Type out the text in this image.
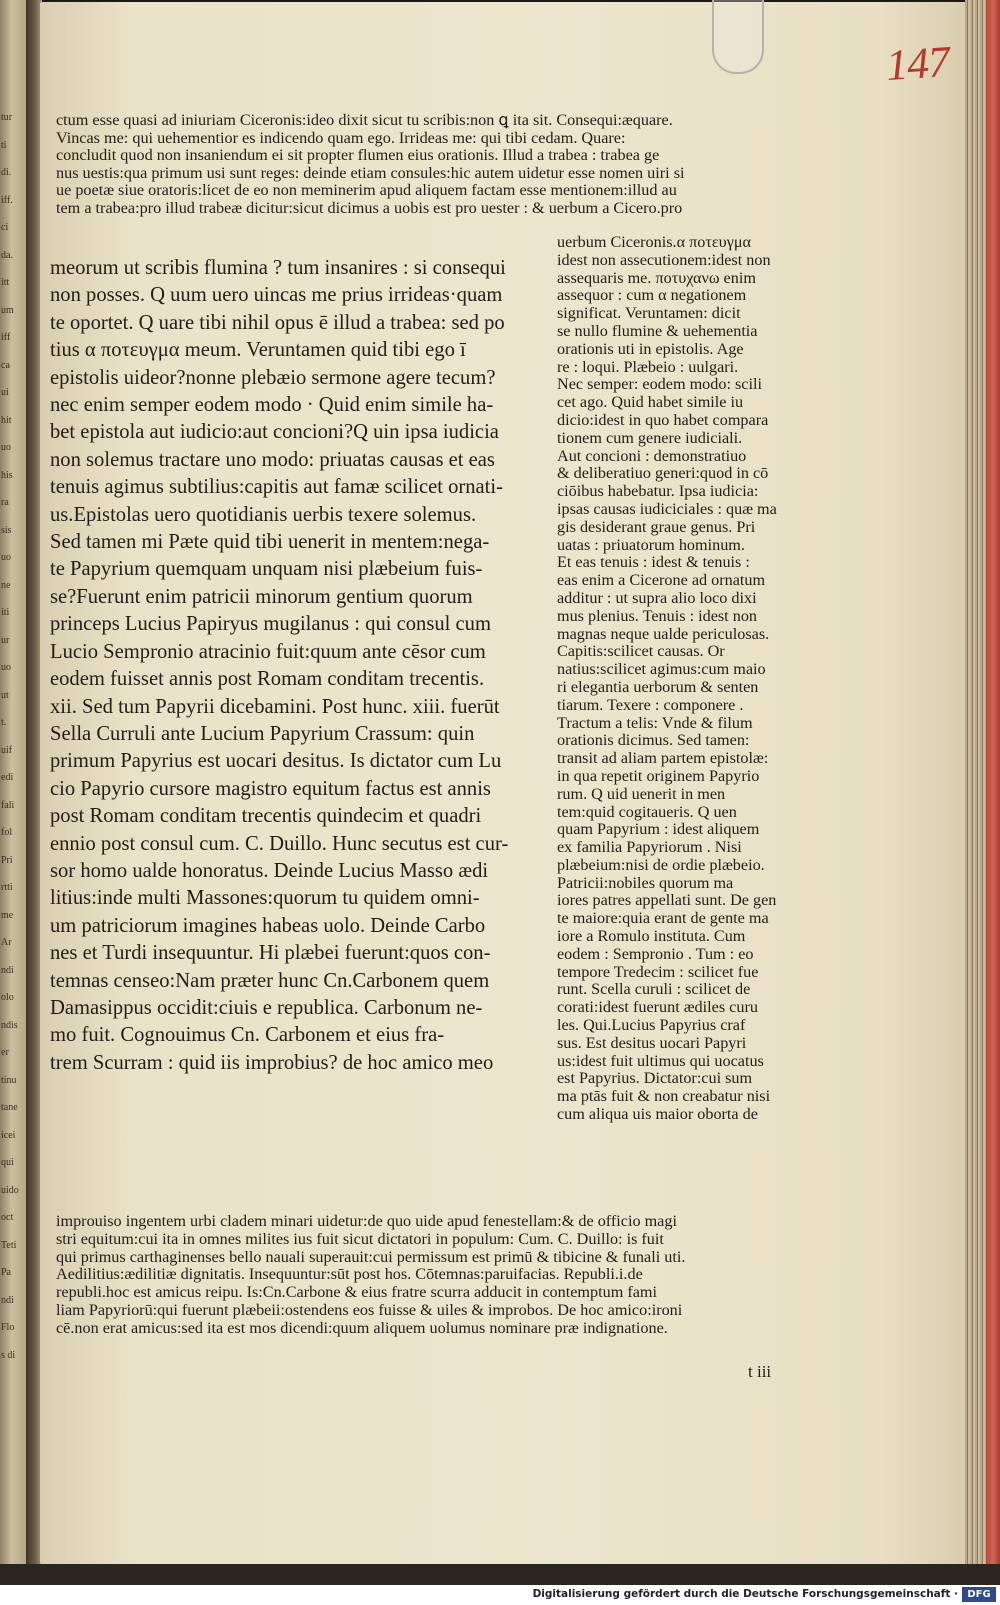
tur
ti
di.
iff.
ci
da.
itt
um
iff
ca
ui
hit
uo
his
ra
sis
uo
ne
iti
ur
uo
ut
t.
uif
edi
fali
fol
Pri
rtti
me
Ar
ndi
olo
ndis
er
tinu
tane
icei
qui
uido
oct
Teti
Pa
ndi
Flo
s di
147
ctum esse quasi ad iniuriam Ciceronis:ideo dixit sicut tu scribis:non ꝗ ita sit. Consequi:æquare.
Vincas me: qui uehementior es indicendo quam ego. Irrideas me: qui tibi cedam. Quare:
concludit quod non insaniendum ei sit propter flumen eius orationis. Illud a trabea : trabea ge
nus uestis:qua primum usi sunt reges: deinde etiam consules:hic autem uidetur esse nomen uiri si
ue poetæ siue oratoris:licet de eo non meminerim apud aliquem factam esse mentionem:illud au
tem a trabea:pro illud trabeæ dicitur:sicut dicimus a uobis est pro uester : & uerbum a Cicero.pro
meorum ut scribis flumina ? tum insanires : si consequi
non posses. Q uum uero uincas me prius irrideas·quam
te oportet. Q uare tibi nihil opus ē illud a trabea: sed po
tius α ποτευγμα meum. Veruntamen quid tibi ego ī
epistolis uideor?nonne plebæio sermone agere tecum?
nec enim semper eodem modo · Quid enim simile ha-
bet epistola aut iudicio:aut concioni?Q uin ipsa iudicia
non solemus tractare uno modo: priuatas causas et eas
tenuis agimus subtilius:capitis aut famæ scilicet ornati-
us.Epistolas uero quotidianis uerbis texere solemus.
Sed tamen mi Pæte quid tibi uenerit in mentem:nega-
te Papyrium quemquam unquam nisi plæbeium fuis-
se?Fuerunt enim patricii minorum gentium quorum
princeps Lucius Papiryus mugilanus : qui consul cum
Lucio Sempronio atracinio fuit:quum ante cēsor cum
eodem fuisset annis post Romam conditam trecentis.
xii. Sed tum Papyrii dicebamini. Post hunc. xiii. fuerūt
Sella Curruli ante Lucium Papyrium Crassum: quin
primum Papyrius est uocari desitus. Is dictator cum Lu
cio Papyrio cursore magistro equitum factus est annis
post Romam conditam trecentis quindecim et quadri
ennio post consul cum. C. Duillo. Hunc secutus est cur-
sor homo ualde honoratus. Deinde Lucius Masso ædi
litius:inde multi Massones:quorum tu quidem omni-
um patriciorum imagines habeas uolo. Deinde Carbo
nes et Turdi insequuntur. Hi plæbei fuerunt:quos con-
temnas censeo:Nam præter hunc Cn.Carbonem quem
Damasippus occidit:ciuis e republica. Carbonum ne-
mo fuit. Cognouimus Cn. Carbonem et eius fra-
trem Scurram : quid iis improbius? de hoc amico meo
uerbum Ciceronis.α ποτευγμα
idest non assecutionem:idest non
assequaris me. ποτυχανω enim
assequor : cum α negationem
significat. Veruntamen: dicit
se nullo flumine & uehementia
orationis uti in epistolis. Age
re : loqui. Plæbeio : uulgari.
Nec semper: eodem modo: scili
cet ago. Quid habet simile iu
dicio:idest in quo habet compara
tionem cum genere iudiciali.
Aut concioni : demonstratiuo
& deliberatiuo generi:quod in cō
ciōibus habebatur. Ipsa iudicia:
ipsas causas iudiciciales : quæ ma
gis desiderant graue genus. Pri
uatas : priuatorum hominum.
Et eas tenuis : idest & tenuis :
eas enim a Cicerone ad ornatum
additur : ut supra alio loco dixi
mus plenius. Tenuis : idest non
magnas neque ualde periculosas.
Capitis:scilicet causas. Or
natius:scilicet agimus:cum maio
ri elegantia uerborum & senten
tiarum. Texere : componere .
Tractum a telis: Vnde & filum
orationis dicimus. Sed tamen:
transit ad aliam partem epistolæ:
in qua repetit originem Papyrio
rum. Q uid uenerit in men
tem:quid cogitaueris. Q uen
quam Papyrium : idest aliquem
ex familia Papyriorum . Nisi
plæbeium:nisi de ordie plæbeio.
Patricii:nobiles quorum ma
iores patres appellati sunt. De gen
te maiore:quia erant de gente ma
iore a Romulo instituta. Cum
eodem : Sempronio . Tum : eo
tempore Tredecim : scilicet fue
runt. Scella curuli : scilicet de
corati:idest fuerunt ædiles curu
les. Qui.Lucius Papyrius craf
sus. Est desitus uocari Papyri
us:idest fuit ultimus qui uocatus
est Papyrius. Dictator:cui sum
ma ptās fuit & non creabatur nisi
cum aliqua uis maior oborta de
improuiso ingentem urbi cladem minari uidetur:de quo uide apud fenestellam:& de officio magi
stri equitum:cui ita in omnes milites ius fuit sicut dictatori in populum: Cum. C. Duillo: is fuit
qui primus carthaginenses bello nauali superauit:cui permissum est primū & tibicine & funali uti.
Aedilitius:ædilitiæ dignitatis. Insequuntur:sūt post hos. Cōtemnas:paruifacias. Republi.i.de
republi.hoc est amicus reipu. Is:Cn.Carbone & eius fratre scurra adducit in contemptum fami
liam Papyriorū:qui fuerunt plæbeii:ostendens eos fuisse & uiles & improbos. De hoc amico:ironi
cē.non erat amicus:sed ita est mos dicendi:quum aliquem uolumus nominare præ indignatione.
t iii
Digitalisierung gefördert durch die Deutsche Forschungsgemeinschaft · DFG
